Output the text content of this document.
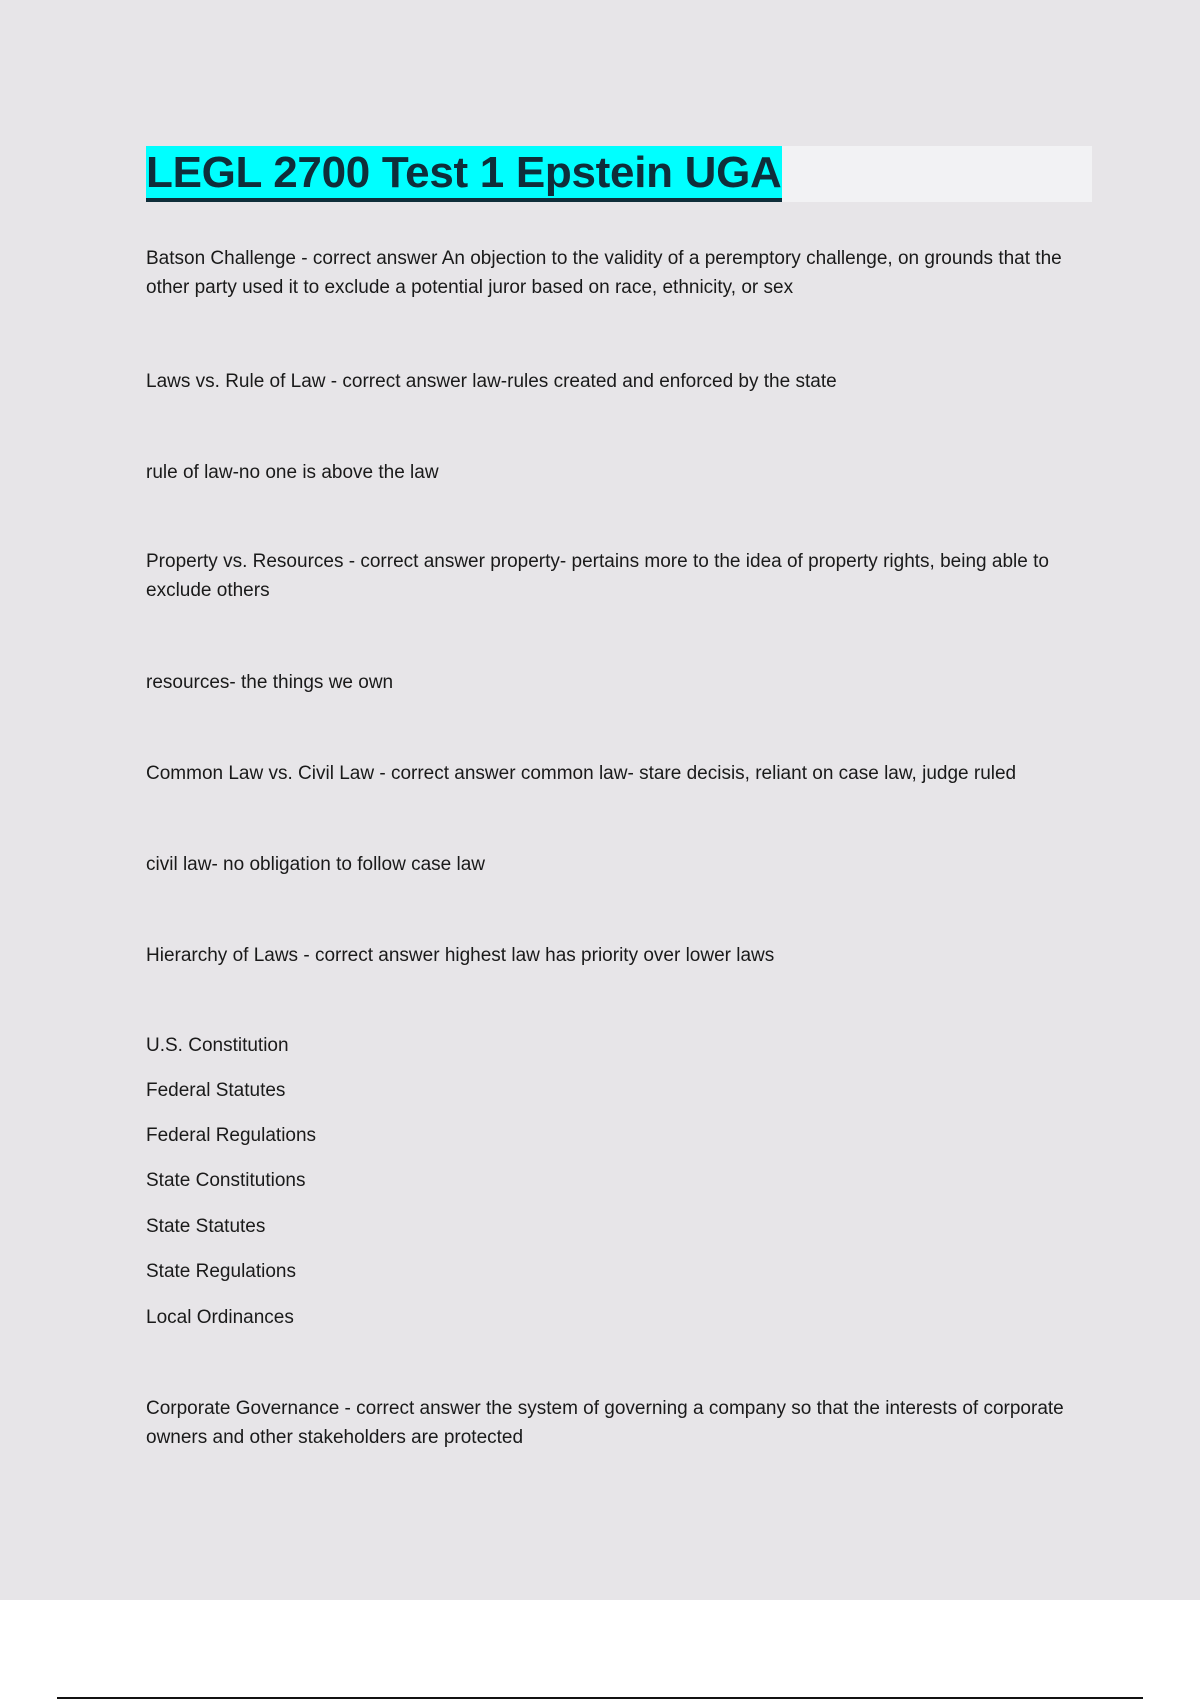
LEGL 2700 Test 1 Epstein UGA

Batson Challenge - correct answer An objection to the validity of a peremptory challenge, on grounds that the other party used it to exclude a potential juror based on race, ethnicity, or sex

Laws vs. Rule of Law - correct answer law-rules created and enforced by the state

rule of law-no one is above the law

Property vs. Resources - correct answer property- pertains more to the idea of property rights, being able to exclude others

resources- the things we own

Common Law vs. Civil Law - correct answer common law- stare decisis, reliant on case law, judge ruled

civil law- no obligation to follow case law

Hierarchy of Laws - correct answer highest law has priority over lower laws

U.S. Constitution

Federal Statutes

Federal Regulations

State Constitutions

State Statutes

State Regulations

Local Ordinances

Corporate Governance - correct answer the system of governing a company so that the interests of corporate owners and other stakeholders are protected
